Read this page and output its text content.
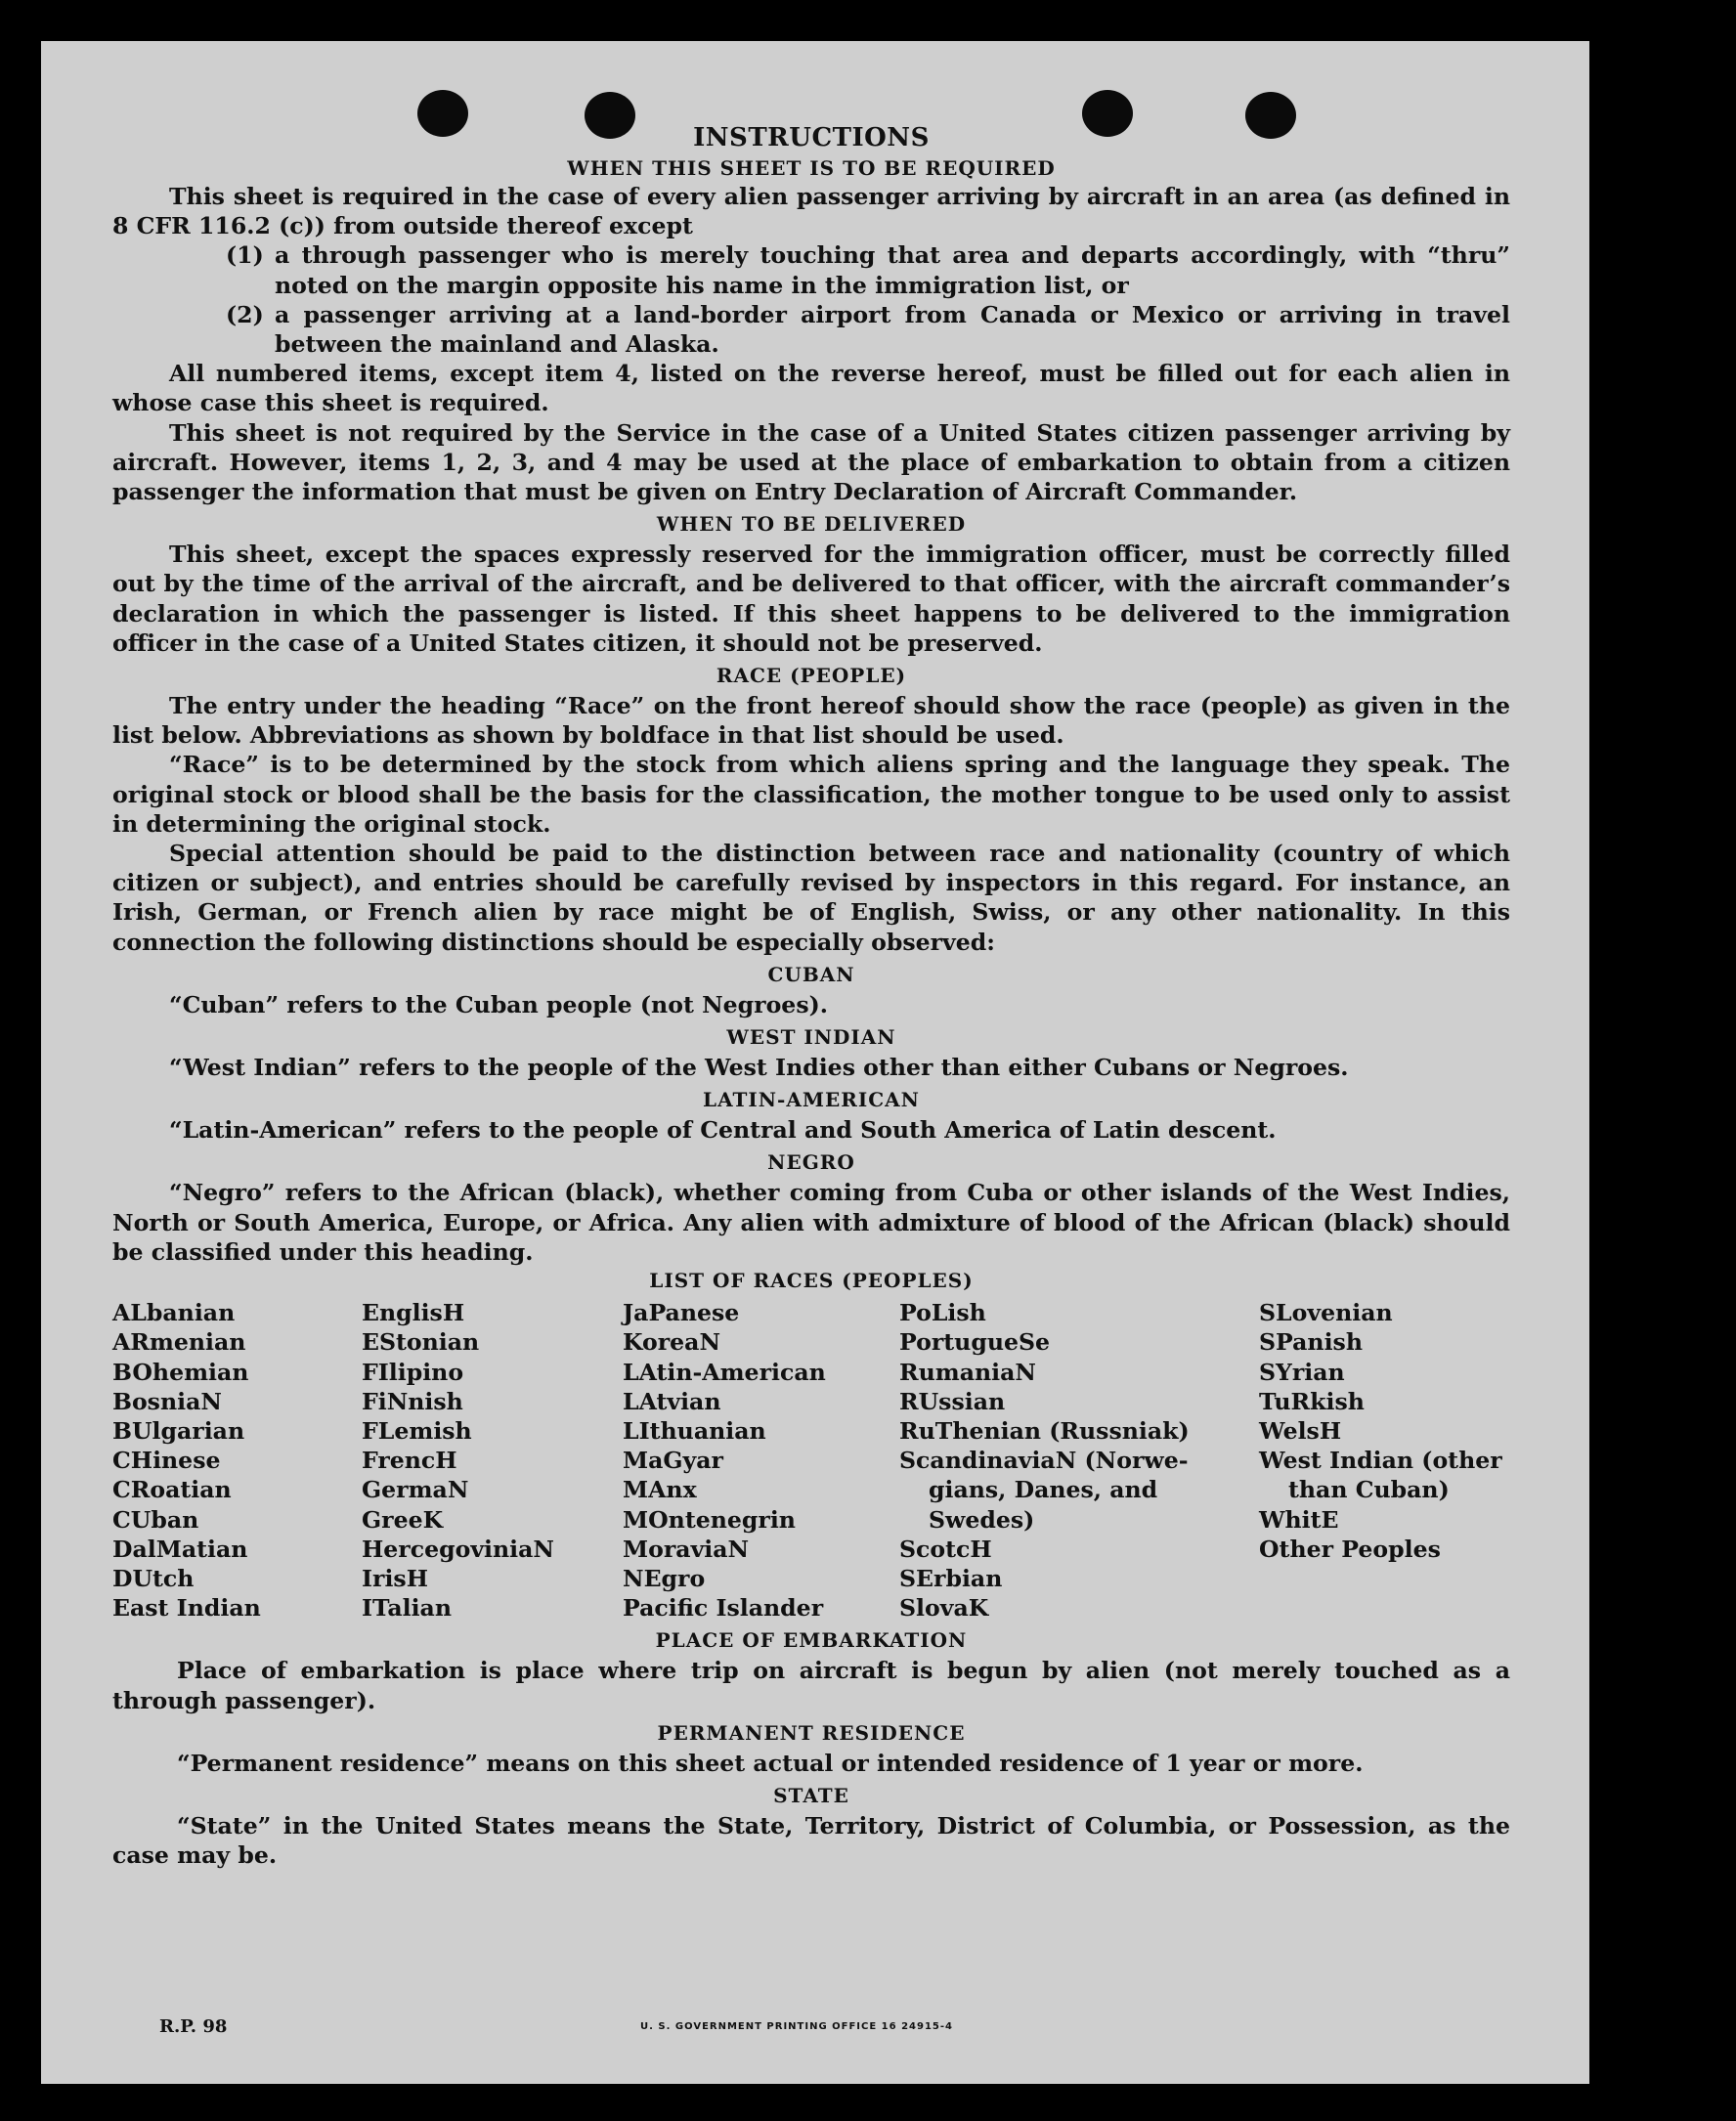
INSTRUCTIONS
WHEN THIS SHEET IS TO BE REQUIRED

This sheet is required in the case of every alien passenger arriving by aircraft in an area (as defined in 8 CFR 116.2 (c)) from outside thereof except

(1) a through passenger who is merely touching that area and departs accordingly, with “thru” noted on the margin opposite his name in the immigration list, or
(2) a passenger arriving at a land-border airport from Canada or Mexico or arriving in travel between the mainland and Alaska.

All numbered items, except item 4, listed on the reverse hereof, must be filled out for each alien in whose case this sheet is required.

This sheet is not required by the Service in the case of a United States citizen passenger arriving by aircraft. However, items 1, 2, 3, and 4 may be used at the place of embarkation to obtain from a citizen passenger the information that must be given on Entry Declaration of Aircraft Commander.

WHEN TO BE DELIVERED

This sheet, except the spaces expressly reserved for the immigration officer, must be correctly filled out by the time of the arrival of the aircraft, and be delivered to that officer, with the aircraft commander’s declaration in which the passenger is listed. If this sheet happens to be delivered to the immigration officer in the case of a United States citizen, it should not be preserved.

RACE (PEOPLE)

The entry under the heading “Race” on the front hereof should show the race (people) as given in the list below. Abbreviations as shown by boldface in that list should be used.

“Race” is to be determined by the stock from which aliens spring and the language they speak. The original stock or blood shall be the basis for the classification, the mother tongue to be used only to assist in determining the original stock.

Special attention should be paid to the distinction between race and nationality (country of which citizen or subject), and entries should be carefully revised by inspectors in this regard. For instance, an Irish, German, or French alien by race might be of English, Swiss, or any other nationality. In this connection the following distinctions should be especially observed:

CUBAN

“Cuban” refers to the Cuban people (not Negroes).

WEST INDIAN

“West Indian” refers to the people of the West Indies other than either Cubans or Negroes.

LATIN-AMERICAN

“Latin-American” refers to the people of Central and South America of Latin descent.

NEGRO

“Negro” refers to the African (black), whether coming from Cuba or other islands of the West Indies, North or South America, Europe, or Africa. Any alien with admixture of blood of the African (black) should be classified under this heading.

LIST OF RACES (PEOPLES)
ALbanian
ARmenian
BOhemian
BosniaN
BUlgarian
CHinese
CRoatian
CUban
DalMatian
DUtch
East Indian
EnglisH
EStonian
FIlipino
FiNnish
FLemish
FrencH
GermaN
GreeK
HercegoviniaN
IrisH
ITalian
JaPanese
KoreaN
LAtin-American
LAtvian
LIthuanian
MaGyar
MAnx
MOntenegrin
MoraviaN
NEgro
Pacific Islander
PoLish
PortugueSe
RumaniaN
RUssian
RuThenian (Russniak)
ScandinaviaN (Norwe-
gians, Danes, and
Swedes)
ScotcH
SErbian
SlovaK
SLovenian
SPanish
SYrian
TuRkish
WelsH
West Indian (other
than Cuban)
WhitE
Other Peoples
PLACE OF EMBARKATION

Place of embarkation is place where trip on aircraft is begun by alien (not merely touched as a through passenger).

PERMANENT RESIDENCE

“Permanent residence” means on this sheet actual or intended residence of 1 year or more.

STATE

“State” in the United States means the State, Territory, District of Columbia, or Possession, as the case may be.

R.P. 98	U. S. GOVERNMENT PRINTING OFFICE 16 24915-4
